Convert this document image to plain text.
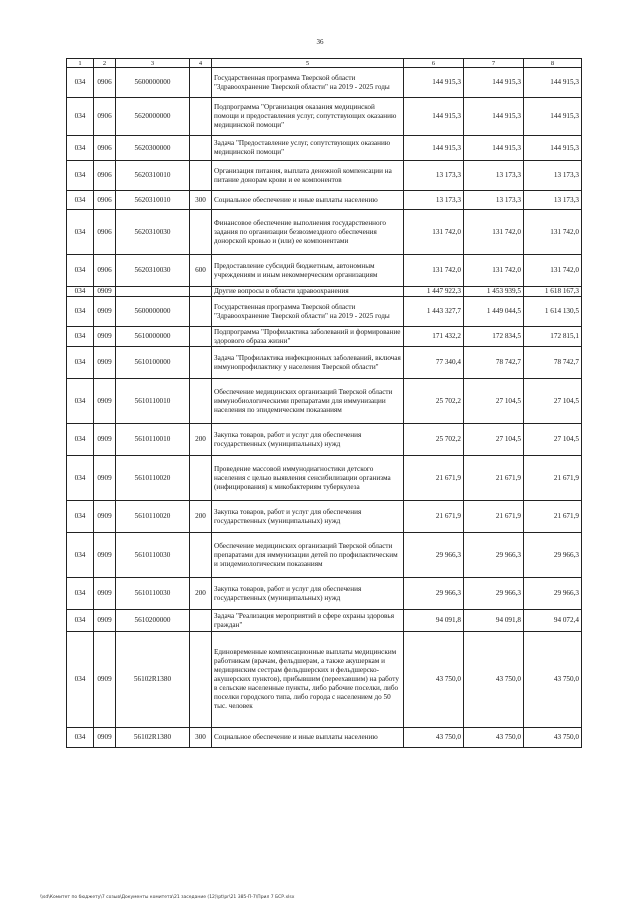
36
1	2	3	4	5	6	7	8
034	0906	5600000000		Государственная программа Тверской области "Здравоохранение Тверской области" на 2019 - 2025 годы	144 915,3	144 915,3	144 915,3
034	0906	5620000000		Подпрограмма "Организация оказания медицинской помощи и предоставления услуг, сопутствующих оказанию медицинской помощи"	144 915,3	144 915,3	144 915,3
034	0906	5620300000		Задача "Предоставление услуг, сопутствующих оказанию медицинской помощи"	144 915,3	144 915,3	144 915,3
034	0906	5620310010		Организация питания, выплата денежной компенсации на питание донорам крови и ее компонентов	13 173,3	13 173,3	13 173,3
034	0906	5620310010	300	Социальное обеспечение и иные выплаты населению	13 173,3	13 173,3	13 173,3
034	0906	5620310030		Финансовое обеспечение выполнения государственного задания по организации безвозмездного обеспечения донорской кровью и (или) ее компонентами	131 742,0	131 742,0	131 742,0
034	0906	5620310030	600	Предоставление субсидий бюджетным, автономным учреждениям и иным некоммерческим организациям	131 742,0	131 742,0	131 742,0
034	0909			Другие вопросы в области здравоохранения	1 447 922,3	1 453 939,5	1 618 167,3
034	0909	5600000000		Государственная программа Тверской области "Здравоохранение Тверской области" на 2019 - 2025 годы	1 443 327,7	1 449 044,5	1 614 130,5
034	0909	5610000000		Подпрограмма "Профилактика заболеваний и формирование здорового образа жизни"	171 432,2	172 834,5	172 815,1
034	0909	5610100000		Задача "Профилактика инфекционных заболеваний, включая иммунопрофилактику у населения Тверской области"	77 340,4	78 742,7	78 742,7
034	0909	5610110010		Обеспечение медицинских организаций Тверской области иммунобиологическими препаратами для иммунизации населения по эпидемическим показаниям	25 702,2	27 104,5	27 104,5
034	0909	5610110010	200	Закупка товаров, работ и услуг для обеспечения государственных (муниципальных) нужд	25 702,2	27 104,5	27 104,5
034	0909	5610110020		Проведение массовой иммунодиагностики детского населения с целью выявления сенсибилизации организма (инфицирования) к микобактериям туберкулеза	21 671,9	21 671,9	21 671,9
034	0909	5610110020	200	Закупка товаров, работ и услуг для обеспечения государственных (муниципальных) нужд	21 671,9	21 671,9	21 671,9
034	0909	5610110030		Обеспечение медицинских организаций Тверской области препаратами для иммунизации детей по профилактическим и эпидемиологическим показаниям	29 966,3	29 966,3	29 966,3
034	0909	5610110030	200	Закупка товаров, работ и услуг для обеспечения государственных (муниципальных) нужд	29 966,3	29 966,3	29 966,3
034	0909	5610200000		Задача "Реализация мероприятий в сфере охраны здоровья граждан"	94 091,8	94 091,8	94 072,4
034	0909	56102R1380		Единовременные компенсационные выплаты медицинским работникам (врачам, фельдшерам, а также акушеркам и медицинским сестрам фельдшерских и фельдшерско-акушерских пунктов), прибывшим (переехавшим) на работу в сельские населенные пункты, либо рабочие поселки, либо поселки городского типа, либо города с населением до 50 тыс. человек	43 750,0	43 750,0	43 750,0
034	0909	56102R1380	300	Социальное обеспечение и иные выплаты населению	43 750,0	43 750,0	43 750,0
\\sd\Комитет по бюджету\7 созыв\Документы комитета\21 заседание (12)\pt\pr\21 385-П-7\Прил 7 БСР.xlsx
